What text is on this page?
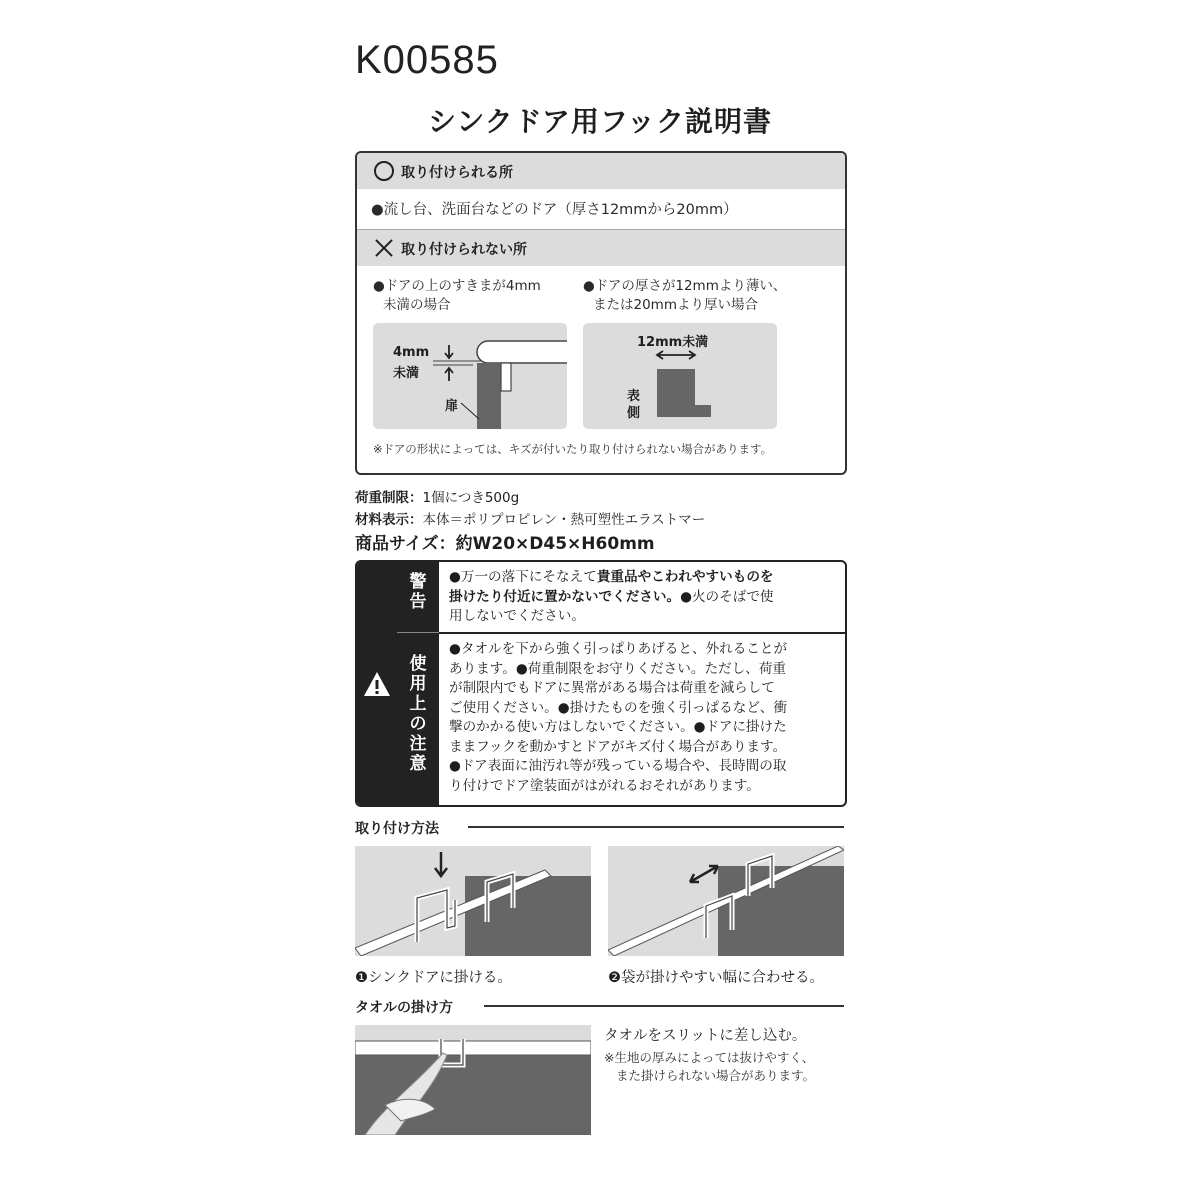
K00585
シンクドア用フック説明書
取り付けられる所
●流し台、洗面台などのドア（厚さ12mmから20mm）
取り付けられない所
●ドアの上のすきまが4mm
未満の場合
●ドアの厚さが12mmより薄い、
または20mmより厚い場合
4mm
未満
扉
12mm未満
表
側
※ドアの形状によっては、キズが付いたり取り付けられない場合があります。
荷重制限：1個につき500g
材料表示：本体＝ポリプロピレン・熱可塑性エラストマー
商品サイズ：約W20×D45×H60mm
警告
使用上の注意
●万一の落下にそなえて貴重品やこわれやすいものを
掛けたり付近に置かないでください。●火のそばで使
用しないでください。
●タオルを下から強く引っぱりあげると、外れることが
あります。●荷重制限をお守りください。ただし、荷重
が制限内でもドアに異常がある場合は荷重を減らして
ご使用ください。●掛けたものを強く引っぱるなど、衝
撃のかかる使い方はしないでください。●ドアに掛けた
ままフックを動かすとドアがキズ付く場合があります。
●ドア表面に油汚れ等が残っている場合や、長時間の取
り付けでドア塗装面がはがれるおそれがあります。
取り付け方法
❶シンクドアに掛ける。	❷袋が掛けやすい幅に合わせる。
タオルの掛け方
タオルをスリットに差し込む。
※生地の厚みによっては抜けやすく、
また掛けられない場合があります。
